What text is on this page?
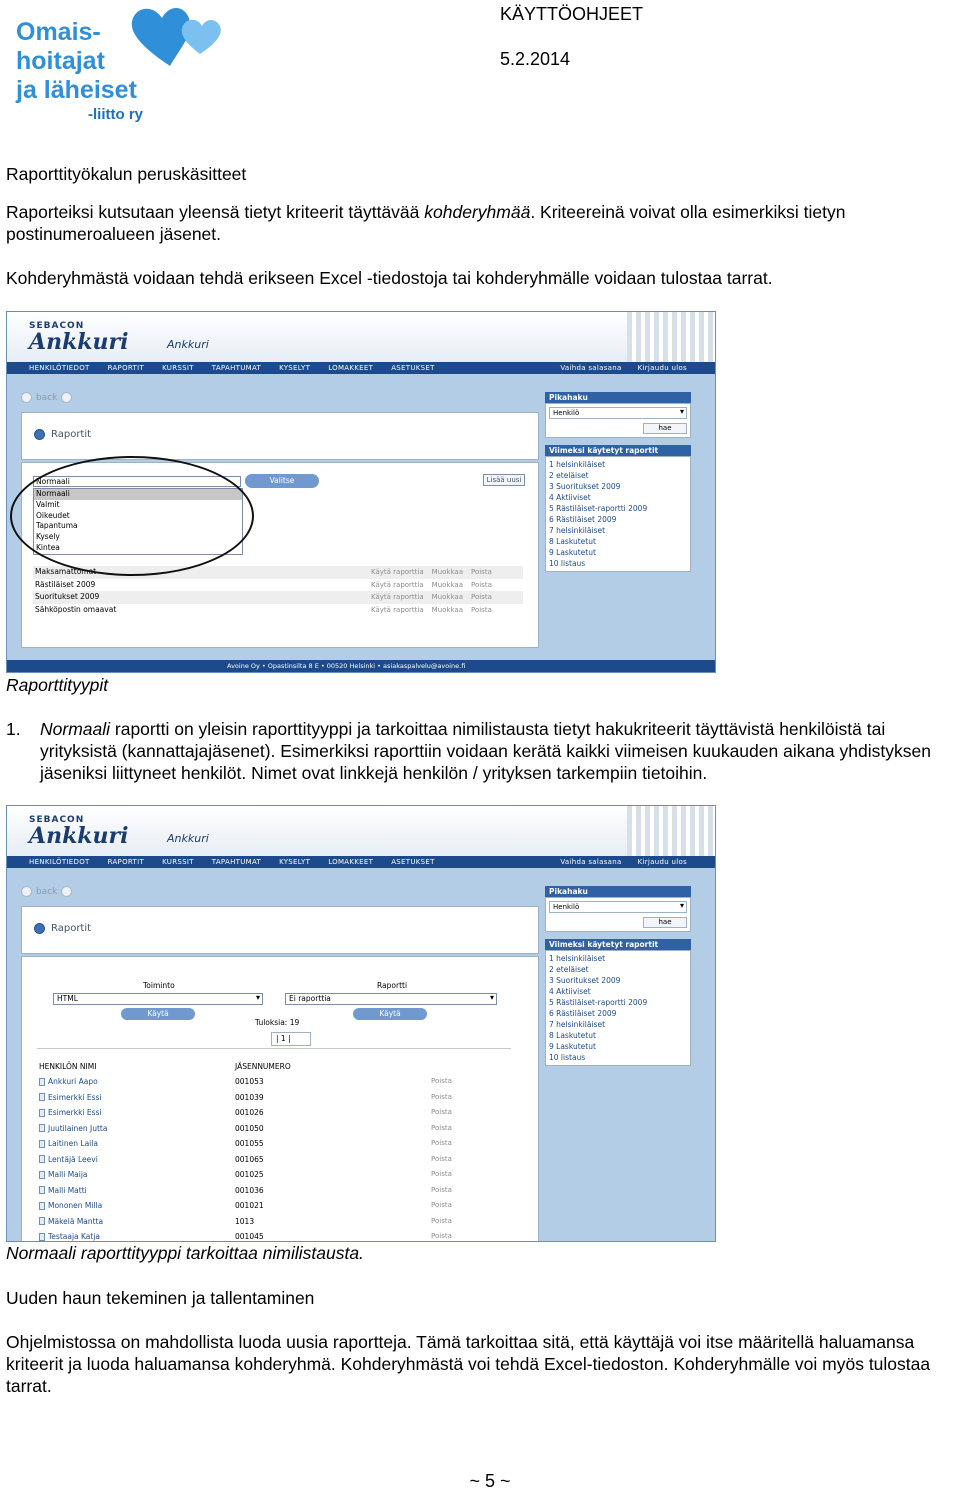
Omais-
hoitajat
ja läheiset
-liitto ry
KÄYTTÖOHJEET
5.2.2014

Raporttityökalun peruskäsitteet

Raporteiksi kutsutaan yleensä tietyt kriteerit täyttävää kohderyhmää. Kriteereinä voivat olla esimerkiksi tietyn postinumeroalueen jäsenet.

Kohderyhmästä voidaan tehdä erikseen Excel -tiedostoja tai kohderyhmälle voidaan tulostaa tarrat.

SEBACON
Ankkuri	Ankkuri
HENKILÖTIEDOT	RAPORTIT	KURSSIT	TAPAHTUMAT	KYSELYT	LOMAKKEET	ASETUKSET	Vaihda salasana Kirjaudu ulos
back
Raportit
Normaali
Normaali
Valmit
Oikeudet
Tapantuma
Kysely
Kintea
Valitse	Lisää uusi
Maksamattomat	Käytä raporttia Muokkaa Poista
Rästiläiset 2009	Käytä raporttia Muokkaa Poista
Suoritukset 2009	Käytä raporttia Muokkaa Poista
Sähköpostin omaavat	Käytä raporttia Muokkaa Poista
Pikahaku
Henkilö ▾
hae
Viimeksi käytetyt raportit
1 helsinkiläiset
2 eteläiset
3 Suoritukset 2009
4 Aktiiviset
5 Rästiläiset-raportti 2009
6 Rästiläiset 2009
7 helsinkiläiset
8 Laskutetut
9 Laskutetut
10 listaus
Avoine Oy • Opastinsilta 8 E • 00520 Helsinki • asiakaspalvelu@avoine.fi

Raporttityypit

1. Normaali raportti on yleisin raporttityyppi ja tarkoittaa nimilistausta tietyt hakukriteerit täyttävistä henkilöistä tai yrityksistä (kannattajajäsenet). Esimerkiksi raporttiin voidaan kerätä kaikki viimeisen kuukauden aikana yhdistyksen jäseniksi liittyneet henkilöt. Nimet ovat linkkejä henkilön / yrityksen tarkempiin tietoihin.
SEBACON
Ankkuri	Ankkuri
HENKILÖTIEDOT	RAPORTIT	KURSSIT	TAPAHTUMAT	KYSELYT	LOMAKKEET	ASETUKSET	Vaihda salasana Kirjaudu ulos
back
Raportit
Toiminto
HTML ▾
Käytä
Raportti
Ei raporttia ▾
Käytä
Tuloksia: 19
| 1 |
HENKILÖN NIMI	JÄSENNUMERO
Ankkuri Aapo	001053	Poista
Esimerkki Essi	001039	Poista
Esimerkki Essi	001026	Poista
Juutilainen Jutta	001050	Poista
Laitinen Laila	001055	Poista
Lentäjä Leevi	001065	Poista
Malli Maija	001025	Poista
Malli Matti	001036	Poista
Mononen Milla	001021	Poista
Mäkelä Mantta	1013	Poista
Testaaja Katja	001045	Poista
Pikahaku
Henkilö ▾
hae
Viimeksi käytetyt raportit
1 helsinkiläiset
2 eteläiset
3 Suoritukset 2009
4 Aktiiviset
5 Rästiläiset-raportti 2009
6 Rästiläiset 2009
7 helsinkiläiset
8 Laskutetut
9 Laskutetut
10 listaus

Normaali raporttityyppi tarkoittaa nimilistausta.

Uuden haun tekeminen ja tallentaminen

Ohjelmistossa on mahdollista luoda uusia raportteja. Tämä tarkoittaa sitä, että käyttäjä voi itse määritellä haluamansa kriteerit ja luoda haluamansa kohderyhmä. Kohderyhmästä voi tehdä Excel-tiedoston. Kohderyhmälle voi myös tulostaa tarrat.

~ 5 ~
